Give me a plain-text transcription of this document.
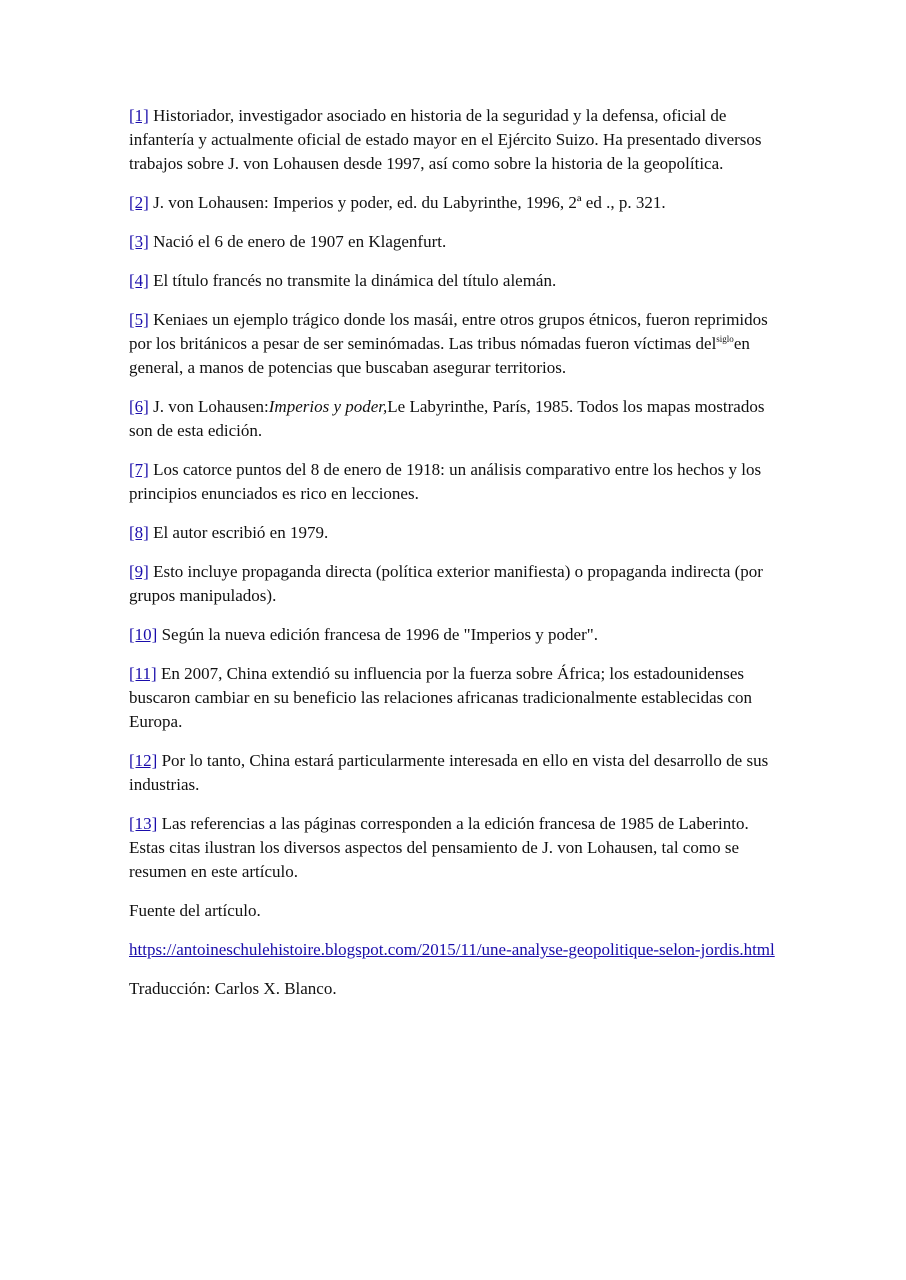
[1] Historiador, investigador asociado en historia de la seguridad y la defensa, oficial de infantería y actualmente oficial de estado mayor en el Ejército Suizo. Ha presentado diversos trabajos sobre J. von Lohausen desde 1997, así como sobre la historia de la geopolítica.

[2] J. von Lohausen: Imperios y poder, ed. du Labyrinthe, 1996, 2ª ed ., p. 321.

[3] Nació el 6 de enero de 1907 en Klagenfurt.

[4] El título francés no transmite la dinámica del título alemán.

[5] Keniaes un ejemplo trágico donde los masái, entre otros grupos étnicos, fueron reprimidos por los británicos a pesar de ser seminómadas. Las tribus nómadas fueron víctimas del$^{siglo}$en general, a manos de potencias que buscaban asegurar territorios.

[6] J. von Lohausen:Imperios y poder,Le Labyrinthe, París, 1985. Todos los mapas mostrados son de esta edición.

[7] Los catorce puntos del 8 de enero de 1918: un análisis comparativo entre los hechos y los principios enunciados es rico en lecciones.

[8] El autor escribió en 1979.

[9] Esto incluye propaganda directa (política exterior manifiesta) o propaganda indirecta (por grupos manipulados).

[10] Según la nueva edición francesa de 1996 de "Imperios y poder".

[11] En 2007, China extendió su influencia por la fuerza sobre África; los estadounidenses buscaron cambiar en su beneficio las relaciones africanas tradicionalmente establecidas con Europa.

[12] Por lo tanto, China estará particularmente interesada en ello en vista del desarrollo de sus industrias.

[13] Las referencias a las páginas corresponden a la edición francesa de 1985 de Laberinto. Estas citas ilustran los diversos aspectos del pensamiento de J. von Lohausen, tal como se resumen en este artículo.

Fuente del artículo.

https://antoineschulehistoire.blogspot.com/2015/11/une-analyse-geopolitique-selon-jordis.html

Traducción: Carlos X. Blanco.
